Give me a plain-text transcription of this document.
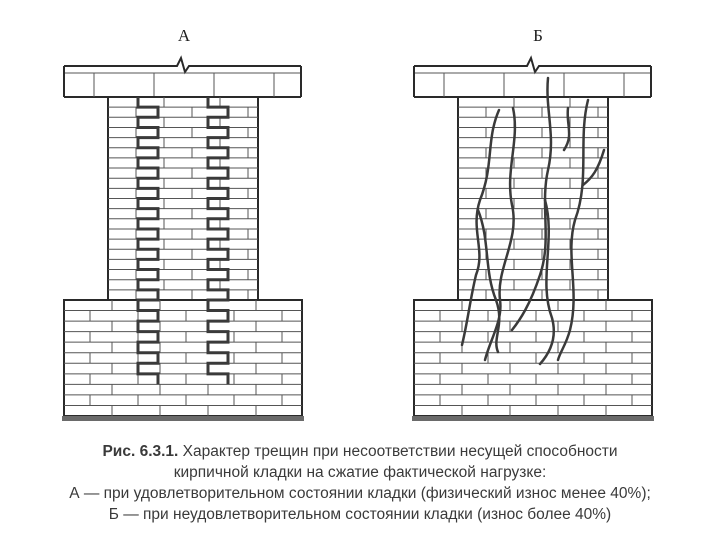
А	Б
Рис. 6.3.1. Характер трещин при несоответствии несущей способности
кирпичной кладки на сжатие фактической нагрузке:
А — при удовлетворительном состоянии кладки (физический износ менее 40%);
Б — при неудовлетворительном состоянии кладки (износ более 40%)
